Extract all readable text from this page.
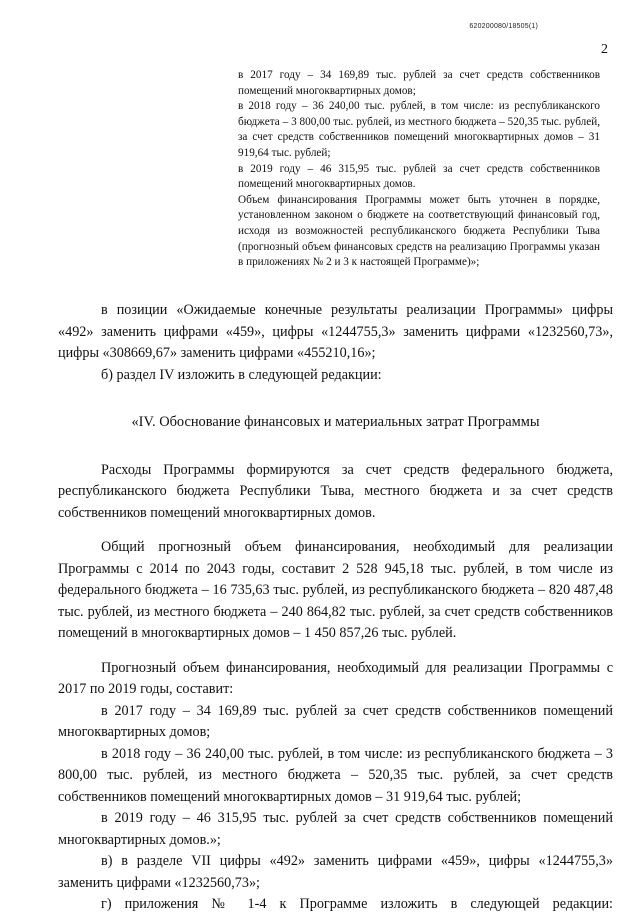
620200080/18505(1)
2

в 2017 году – 34 169,89 тыс. рублей за счет средств собственников помещений многоквартирных домов;

в 2018 году – 36 240,00 тыс. рублей, в том числе: из республиканского бюджета – 3 800,00 тыс. рублей, из местного бюджета – 520,35 тыс. рублей, за счет средств собственников помещений многоквартирных домов – 31 919,64 тыс. рублей;

в 2019 году – 46 315,95 тыс. рублей за счет средств собственников помещений многоквартирных домов.

Объем финансирования Программы может быть уточнен в порядке, установленном законом о бюджете на соответствующий финансовый год, исходя из возможностей республиканского бюджета Республики Тыва (прогнозный объем финансовых средств на реализацию Программы указан в приложениях № 2 и 3 к настоящей Программе)»;

в позиции «Ожидаемые конечные результаты реализации Программы» цифры «492» заменить цифрами «459», цифры «1244755,3» заменить цифрами «1232560,73», цифры «308669,67» заменить цифрами «455210,16»;

б) раздел IV изложить в следующей редакции:

«IV. Обоснование финансовых и материальных затрат Программы

Расходы Программы формируются за счет средств федерального бюджета, республиканского бюджета Республики Тыва, местного бюджета и за счет средств собственников помещений многоквартирных домов.

Общий прогнозный объем финансирования, необходимый для реализации Программы с 2014 по 2043 годы, составит 2 528 945,18 тыс. рублей, в том числе из федерального бюджета – 16 735,63 тыс. рублей, из республиканского бюджета – 820 487,48 тыс. рублей, из местного бюджета – 240 864,82 тыс. рублей, за счет средств собственников помещений в многоквартирных домов – 1 450 857,26 тыс. рублей.

Прогнозный объем финансирования, необходимый для реализации Программы с 2017 по 2019 годы, составит:

в 2017 году – 34 169,89 тыс. рублей за счет средств собственников помещений многоквартирных домов;

в 2018 году – 36 240,00 тыс. рублей, в том числе: из республиканского бюджета – 3 800,00 тыс. рублей, из местного бюджета – 520,35 тыс. рублей, за счет средств собственников помещений многоквартирных домов – 31 919,64 тыс. рублей;

в 2019 году – 46 315,95 тыс. рублей за счет средств собственников помещений многоквартирных домов.»;

в) в разделе VII цифры «492» заменить цифрами «459», цифры «1244755,3» заменить цифрами «1232560,73»;

г) приложения № 1-4 к Программе изложить в следующей редакции:
